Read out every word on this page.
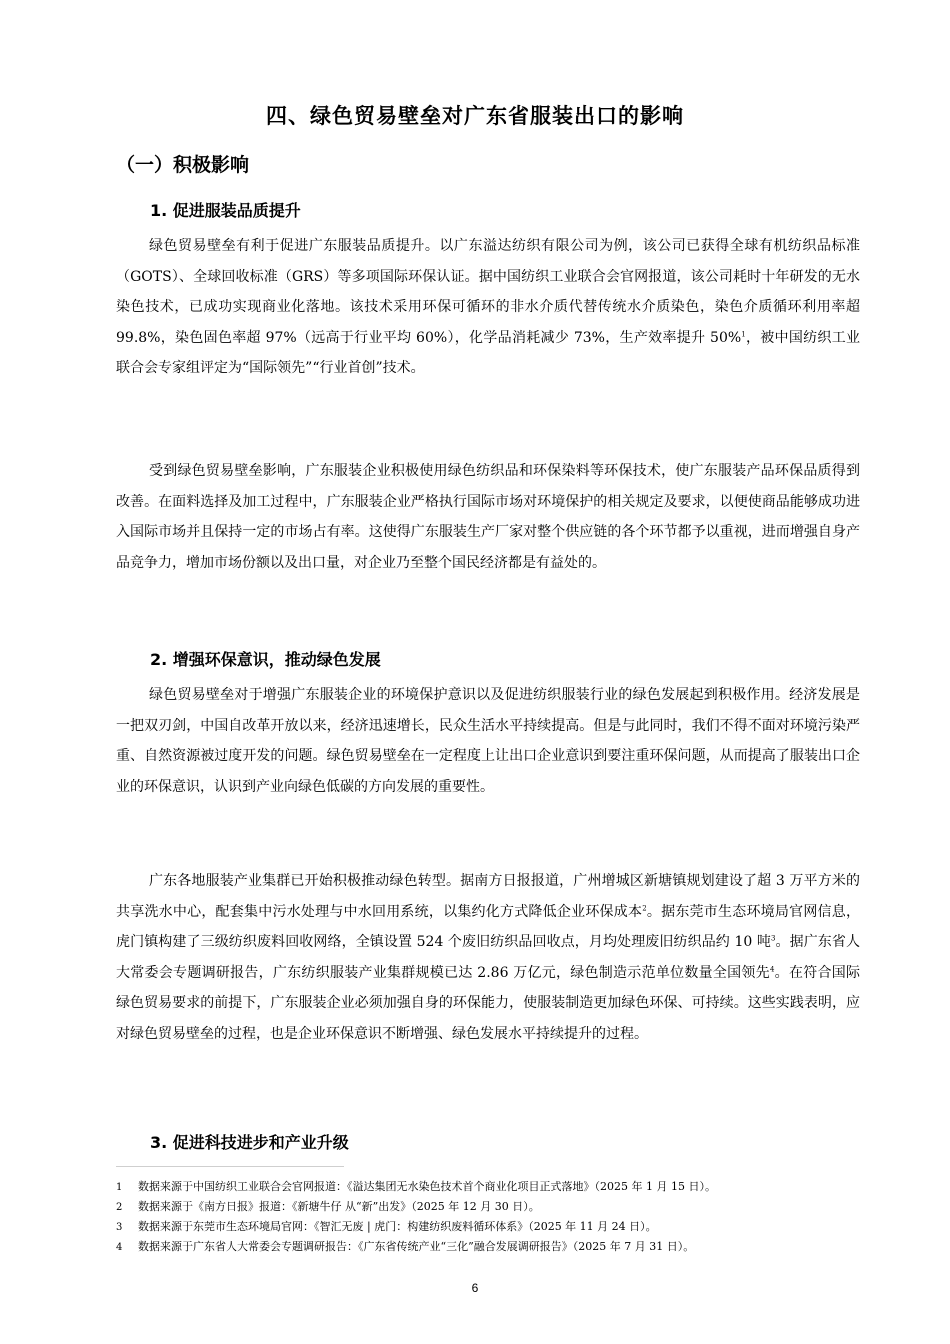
四、绿色贸易壁垒对广东省服装出口的影响
（一）积极影响
1. 促进服装品质提升

绿色贸易壁垒有利于促进广东服装品质提升。以广东溢达纺织有限公司为例，该公司已获得全球有机纺织品标准（GOTS）、全球回收标准（GRS）等多项国际环保认证。据中国纺织工业联合会官网报道，该公司耗时十年研发的无水染色技术，已成功实现商业化落地。该技术采用环保可循环的非水介质代替传统水介质染色，染色介质循环利用率超 99.8%，染色固色率超 97%（远高于行业平均 60%），化学品消耗减少 73%，生产效率提升 50%$^1$，被中国纺织工业联合会专家组评定为“国际领先”“行业首创”技术。

受到绿色贸易壁垒影响，广东服装企业积极使用绿色纺织品和环保染料等环保技术，使广东服装产品环保品质得到改善。在面料选择及加工过程中，广东服装企业严格执行国际市场对环境保护的相关规定及要求，以便使商品能够成功进入国际市场并且保持一定的市场占有率。这使得广东服装生产厂家对整个供应链的各个环节都予以重视，进而增强自身产品竞争力，增加市场份额以及出口量，对企业乃至整个国民经济都是有益处的。

2. 增强环保意识，推动绿色发展

绿色贸易壁垒对于增强广东服装企业的环境保护意识以及促进纺织服装行业的绿色发展起到积极作用。经济发展是一把双刃剑，中国自改革开放以来，经济迅速增长，民众生活水平持续提高。但是与此同时，我们不得不面对环境污染严重、自然资源被过度开发的问题。绿色贸易壁垒在一定程度上让出口企业意识到要注重环保问题，从而提高了服装出口企业的环保意识，认识到产业向绿色低碳的方向发展的重要性。

广东各地服装产业集群已开始积极推动绿色转型。据南方日报报道，广州增城区新塘镇规划建设了超 3 万平方米的共享洗水中心，配套集中污水处理与中水回用系统，以集约化方式降低企业环保成本$^2$。据东莞市生态环境局官网信息，虎门镇构建了三级纺织废料回收网络，全镇设置 524 个废旧纺织品回收点，月均处理废旧纺织品约 10 吨$^3$。据广东省人大常委会专题调研报告，广东纺织服装产业集群规模已达 2.86 万亿元，绿色制造示范单位数量全国领先$^4$。在符合国际绿色贸易要求的前提下，广东服装企业必须加强自身的环保能力，使服装制造更加绿色环保、可持续。这些实践表明，应对绿色贸易壁垒的过程，也是企业环保意识不断增强、绿色发展水平持续提升的过程。

3. 促进科技进步和产业升级
1 数据来源于中国纺织工业联合会官网报道：《溢达集团无水染色技术首个商业化项目正式落地》（2025 年 1 月 15 日）。
2 数据来源于《南方日报》报道：《新塘牛仔 从“新”出发》（2025 年 12 月 30 日）。
3 数据来源于东莞市生态环境局官网：《智汇无废 | 虎门：构建纺织废料循环体系》（2025 年 11 月 24 日）。
4 数据来源于广东省人大常委会专题调研报告：《广东省传统产业“三化”融合发展调研报告》（2025 年 7 月 31 日）。
6
